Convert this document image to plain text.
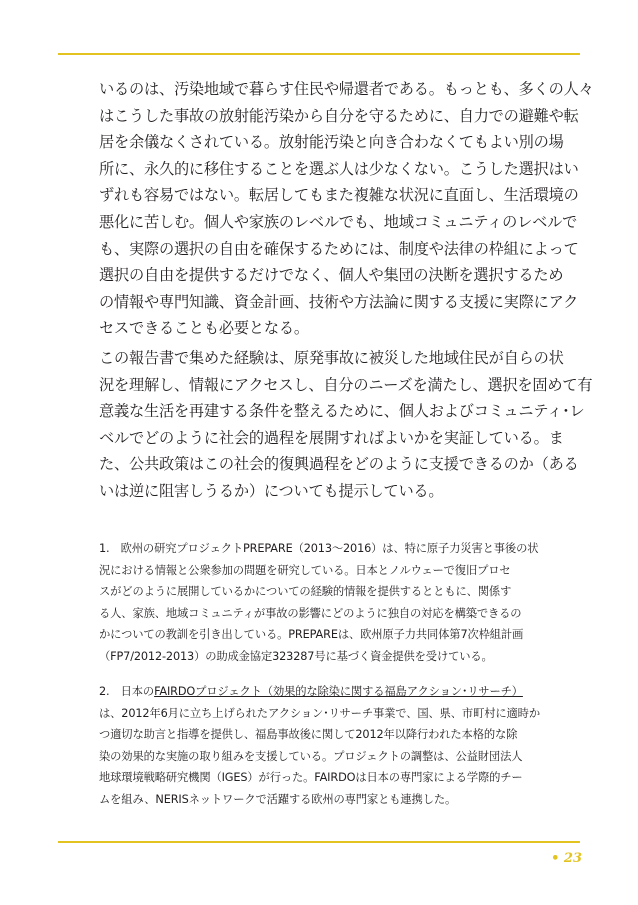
いるのは、汚染地域で暮らす住民や帰還者である。もっとも、多くの人々
はこうした事故の放射能汚染から自分を守るために、自力での避難や転
居を余儀なくされている。放射能汚染と向き合わなくてもよい別の場
所に、永久的に移住することを選ぶ人は少なくない。こうした選択はい
ずれも容易ではない。転居してもまた複雑な状況に直面し、生活環境の
悪化に苦しむ。個人や家族のレベルでも、地域コミュニティのレベルで
も、実際の選択の自由を確保するためには、制度や法律の枠組によって
選択の自由を提供するだけでなく、個人や集団の決断を選択するため
の情報や専門知識、資金計画、技術や方法論に関する支援に実際にアク
セスできることも必要となる。
この報告書で集めた経験は、原発事故に被災した地域住民が自らの状
況を理解し、情報にアクセスし、自分のニーズを満たし、選択を固めて有
意義な生活を再建する条件を整えるために、個人およびコミュニティ･レ
ベルでどのように社会的過程を展開すればよいかを実証している。ま
た、公共政策はこの社会的復興過程をどのように支援できるのか（ある
いは逆に阻害しうるか）についても提示している。
1.　欧州の研究プロジェクトPREPARE（2013～2016）は、特に原子力災害と事後の状
況における情報と公衆参加の問題を研究している。日本とノルウェーで復旧プロセ
スがどのように展開しているかについての経験的情報を提供するとともに、関係す
る人、家族、地域コミュニティが事故の影響にどのように独自の対応を構築できるの
かについての教訓を引き出している。PREPAREは、欧州原子力共同体第7次枠組計画
（FP7/2012-2013）の助成金協定323287号に基づく資金提供を受けている。
2.　日本のFAIRDOプロジェクト（効果的な除染に関する福島アクション･リサーチ）
は、2012年6月に立ち上げられたアクション･リサーチ事業で、国、県、市町村に適時か
つ適切な助言と指導を提供し、福島事故後に関して2012年以降行われた本格的な除
染の効果的な実施の取り組みを支援している。プロジェクトの調整は、公益財団法人
地球環境戦略研究機関（IGES）が行った。FAIRDOは日本の専門家による学際的チー
ムを組み、NERISネットワークで活躍する欧州の専門家とも連携した。
• 23
